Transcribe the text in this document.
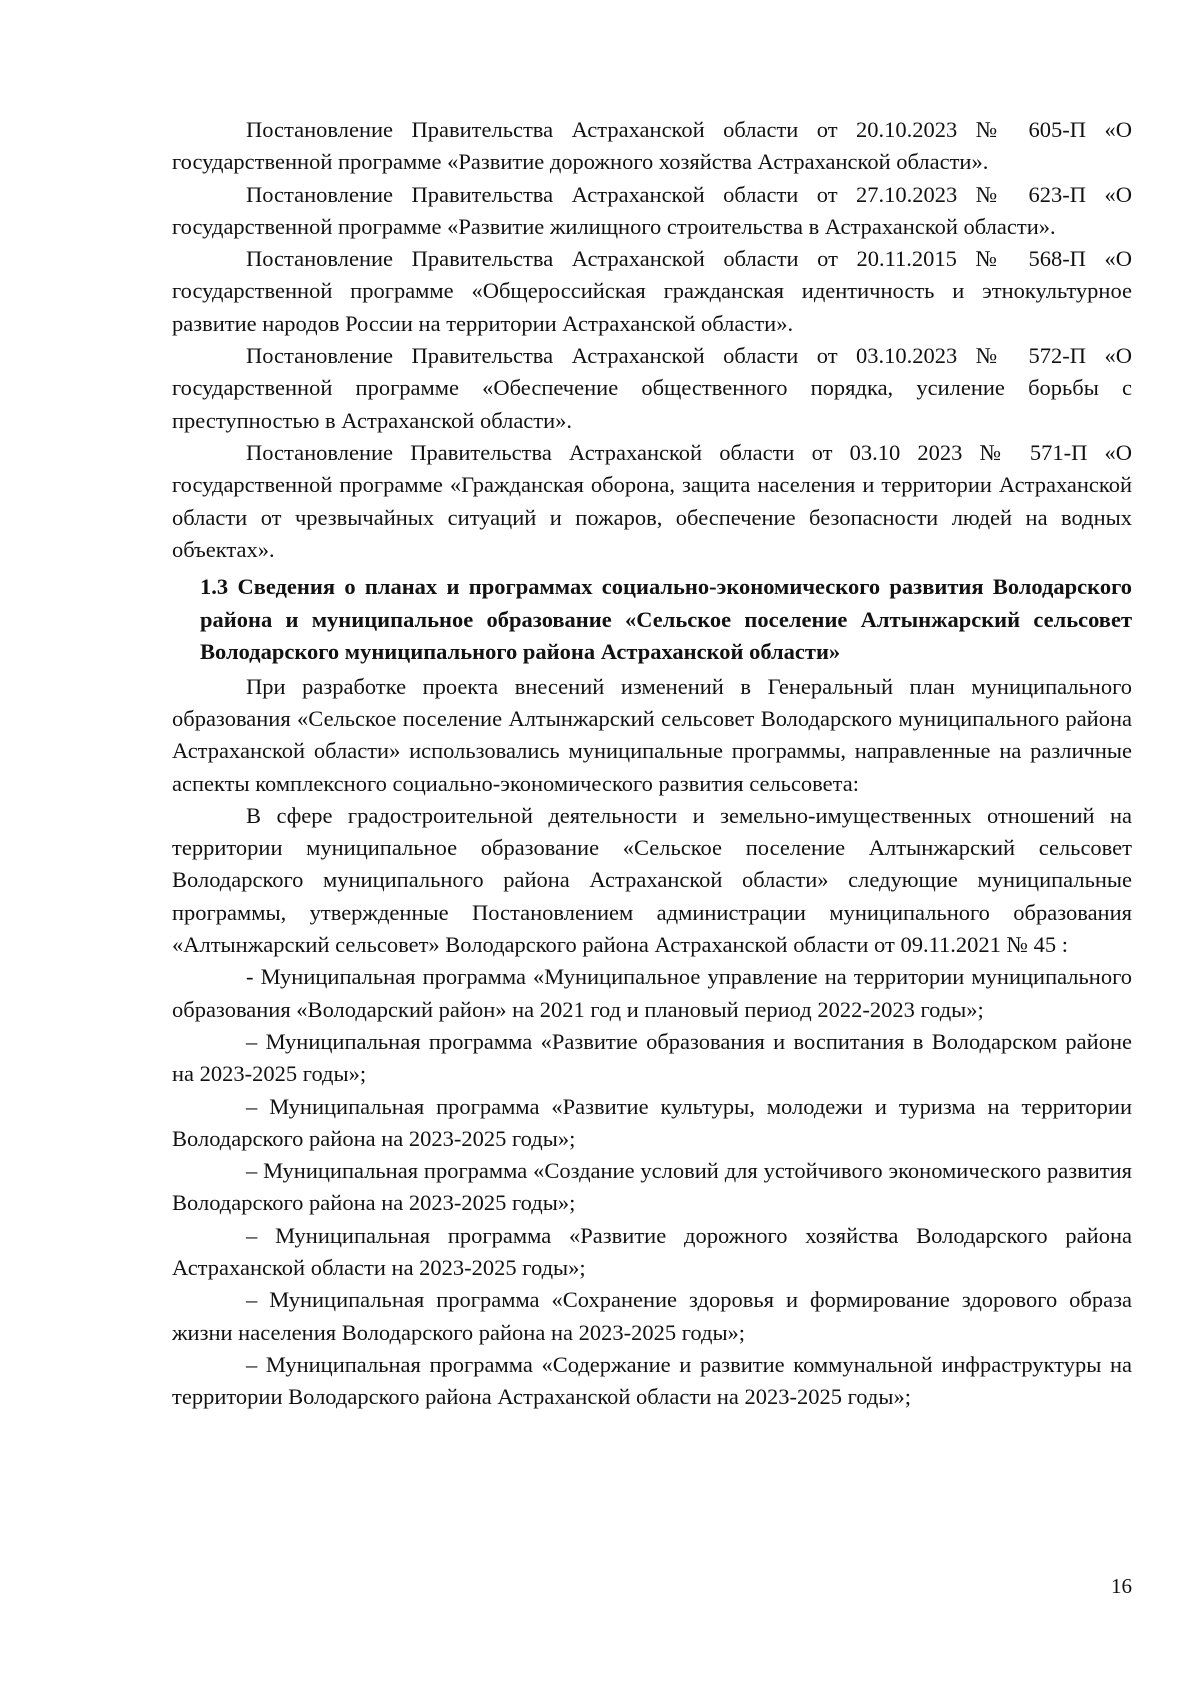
Постановление Правительства Астраханской области от 20.10.2023 № 605-П «О государственной программе «Развитие дорожного хозяйства Астраханской области».

Постановление Правительства Астраханской области от 27.10.2023 № 623-П «О государственной программе «Развитие жилищного строительства в Астраханской области».

Постановление Правительства Астраханской области от 20.11.2015 № 568-П «О государственной программе «Общероссийская гражданская идентичность и этнокультурное развитие народов России на территории Астраханской области».

Постановление Правительства Астраханской области от 03.10.2023 № 572-П «О государственной программе «Обеспечение общественного порядка, усиление борьбы с преступностью в Астраханской области».

Постановление Правительства Астраханской области от 03.10 2023 № 571-П «О государственной программе «Гражданская оборона, защита населения и территории Астраханской области от чрезвычайных ситуаций и пожаров, обеспечение безопасности людей на водных объектах».

1.3 Сведения о планах и программах социально-экономического развития Володарского района и муниципальное образование «Сельское поселение Алтынжарский сельсовет Володарского муниципального района Астраханской области»

При разработке проекта внесений изменений в Генеральный план муниципального образования «Сельское поселение Алтынжарский сельсовет Володарского муниципального района Астраханской области» использовались муниципальные программы, направленные на различные аспекты комплексного социально-экономического развития сельсовета:

В сфере градостроительной деятельности и земельно-имущественных отношений на территории муниципальное образование «Сельское поселение Алтынжарский сельсовет Володарского муниципального района Астраханской области» следующие муниципальные программы, утвержденные Постановлением администрации муниципального образования «Алтынжарский сельсовет» Володарского района Астраханской области от 09.11.2021 № 45 :

- Муниципальная программа «Муниципальное управление на территории муниципального образования «Володарский район» на 2021 год и плановый период 2022-2023 годы»;

– Муниципальная программа «Развитие образования и воспитания в Володарском районе на 2023-2025 годы»;

– Муниципальная программа «Развитие культуры, молодежи и туризма на территории Володарского района на 2023-2025 годы»;

– Муниципальная программа «Создание условий для устойчивого экономического развития Володарского района на 2023-2025 годы»;

– Муниципальная программа «Развитие дорожного хозяйства Володарского района Астраханской области на 2023-2025 годы»;

– Муниципальная программа «Сохранение здоровья и формирование здорового образа жизни населения Володарского района на 2023-2025 годы»;

– Муниципальная программа «Содержание и развитие коммунальной инфраструктуры на территории Володарского района Астраханской области на 2023-2025 годы»;

16
